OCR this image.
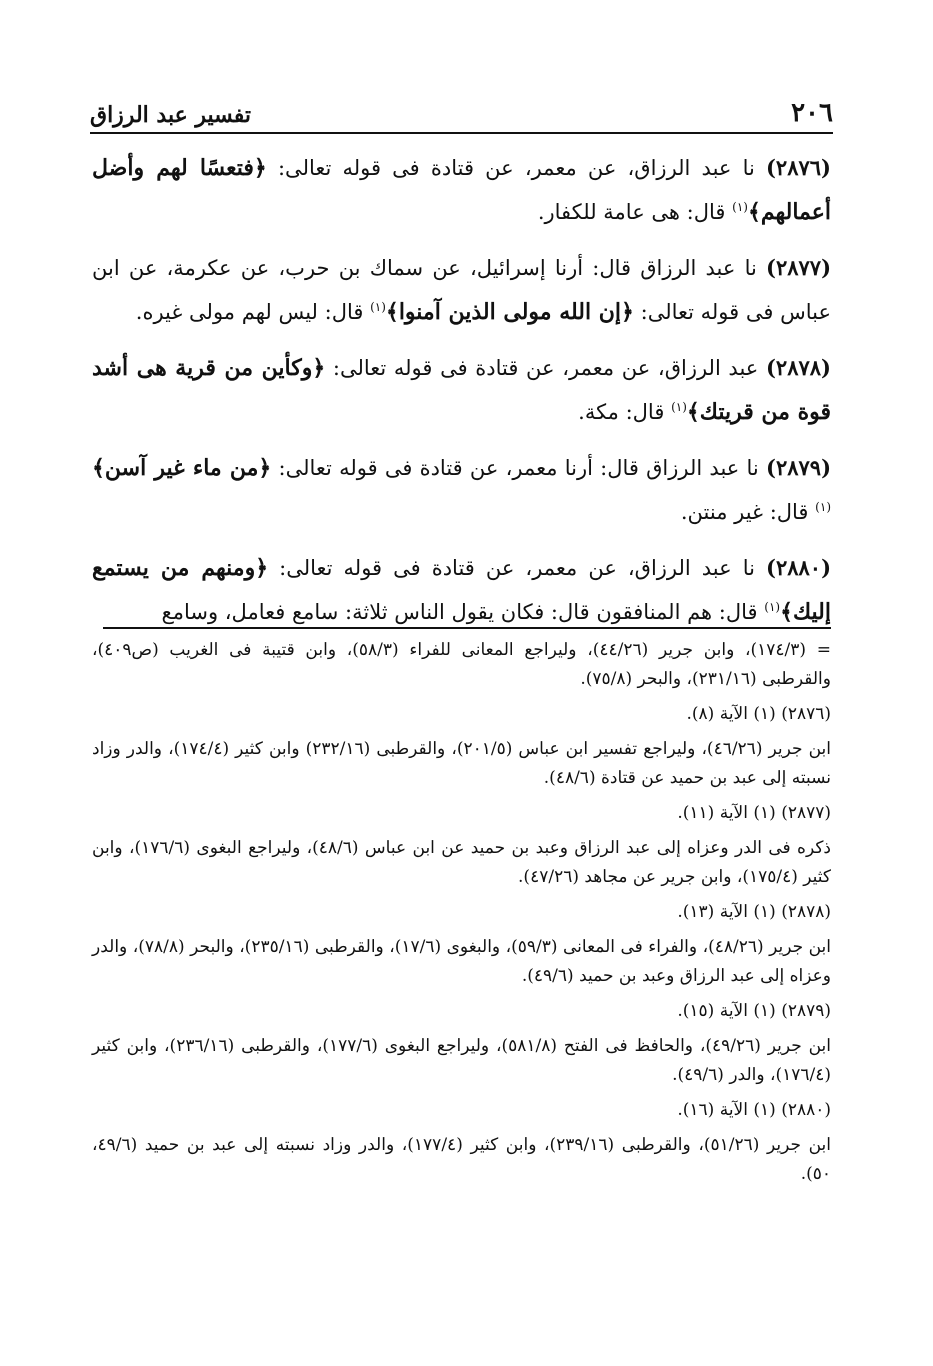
٢٠٦
تفسير عبد الرزاق

(٢٨٧٦) نا عبد الرزاق، عن معمر، عن قتادة فى قوله تعالى: ﴿فتعسًا لهم وأضل أعمالهم﴾$^{(١)}$ قال: هى عامة للكفار.

(٢٨٧٧) نا عبد الرزاق قال: أرنا إسرائيل، عن سماك بن حرب، عن عكرمة، عن ابن عباس فى قوله تعالى: ﴿إن الله مولى الذين آمنوا﴾$^{(١)}$ قال: ليس لهم مولى غيره.

(٢٨٧٨) عبد الرزاق، عن معمر، عن قتادة فى قوله تعالى: ﴿وكأين من قرية هى أشد قوة من قريتك﴾$^{(١)}$ قال: مكة.

(٢٨٧٩) نا عبد الرزاق قال: أرنا معمر، عن قتادة فى قوله تعالى: ﴿من ماء غير آسن﴾$^{(١)}$ قال: غير منتن.

(٢٨٨٠) نا عبد الرزاق، عن معمر، عن قتادة فى قوله تعالى: ﴿ومنهم من يستمع إليك﴾$^{(١)}$ قال: هم المنافقون قال: فكان يقول الناس ثلاثة: سامع فعامل، وسامع

= (١٧٤/٣)، وابن جرير (٤٤/٢٦)، وليراجع المعانى للفراء (٥٨/٣)، وابن قتيبة فى الغريب (ص٤٠٩)، والقرطبى (٢٣١/١٦)، والبحر (٧٥/٨).

(٢٨٧٦) (١) الآية (٨).

ابن جرير (٤٦/٢٦)، وليراجع تفسير ابن عباس (٢٠١/٥)، والقرطبى (٢٣٢/١٦) وابن كثير (١٧٤/٤)، والدر وزاد نسبته إلى عبد بن حميد عن قتادة (٤٨/٦).

(٢٨٧٧) (١) الآية (١١).

ذكره فى الدر وعزاه إلى عبد الرزاق وعبد بن حميد عن ابن عباس (٤٨/٦)، وليراجع البغوى (١٧٦/٦)، وابن كثير (١٧٥/٤)، وابن جرير عن مجاهد (٤٧/٢٦).

(٢٨٧٨) (١) الآية (١٣).

ابن جرير (٤٨/٢٦)، والفراء فى المعانى (٥٩/٣)، والبغوى (١٧/٦)، والقرطبى (٢٣٥/١٦)، والبحر (٧٨/٨)، والدر وعزاه إلى عبد الرزاق وعبد بن حميد (٤٩/٦).

(٢٨٧٩) (١) الآية (١٥).

ابن جرير (٤٩/٢٦)، والحافظ فى الفتح (٥٨١/٨)، وليراجع البغوى (١٧٧/٦)، والقرطبى (٢٣٦/١٦)، وابن كثير (١٧٦/٤)، والدر (٤٩/٦).

(٢٨٨٠) (١) الآية (١٦).

ابن جرير (٥١/٢٦)، والقرطبى (٢٣٩/١٦)، وابن كثير (١٧٧/٤)، والدر وزاد نسبته إلى عبد بن حميد (٤٩/٦، ٥٠).
